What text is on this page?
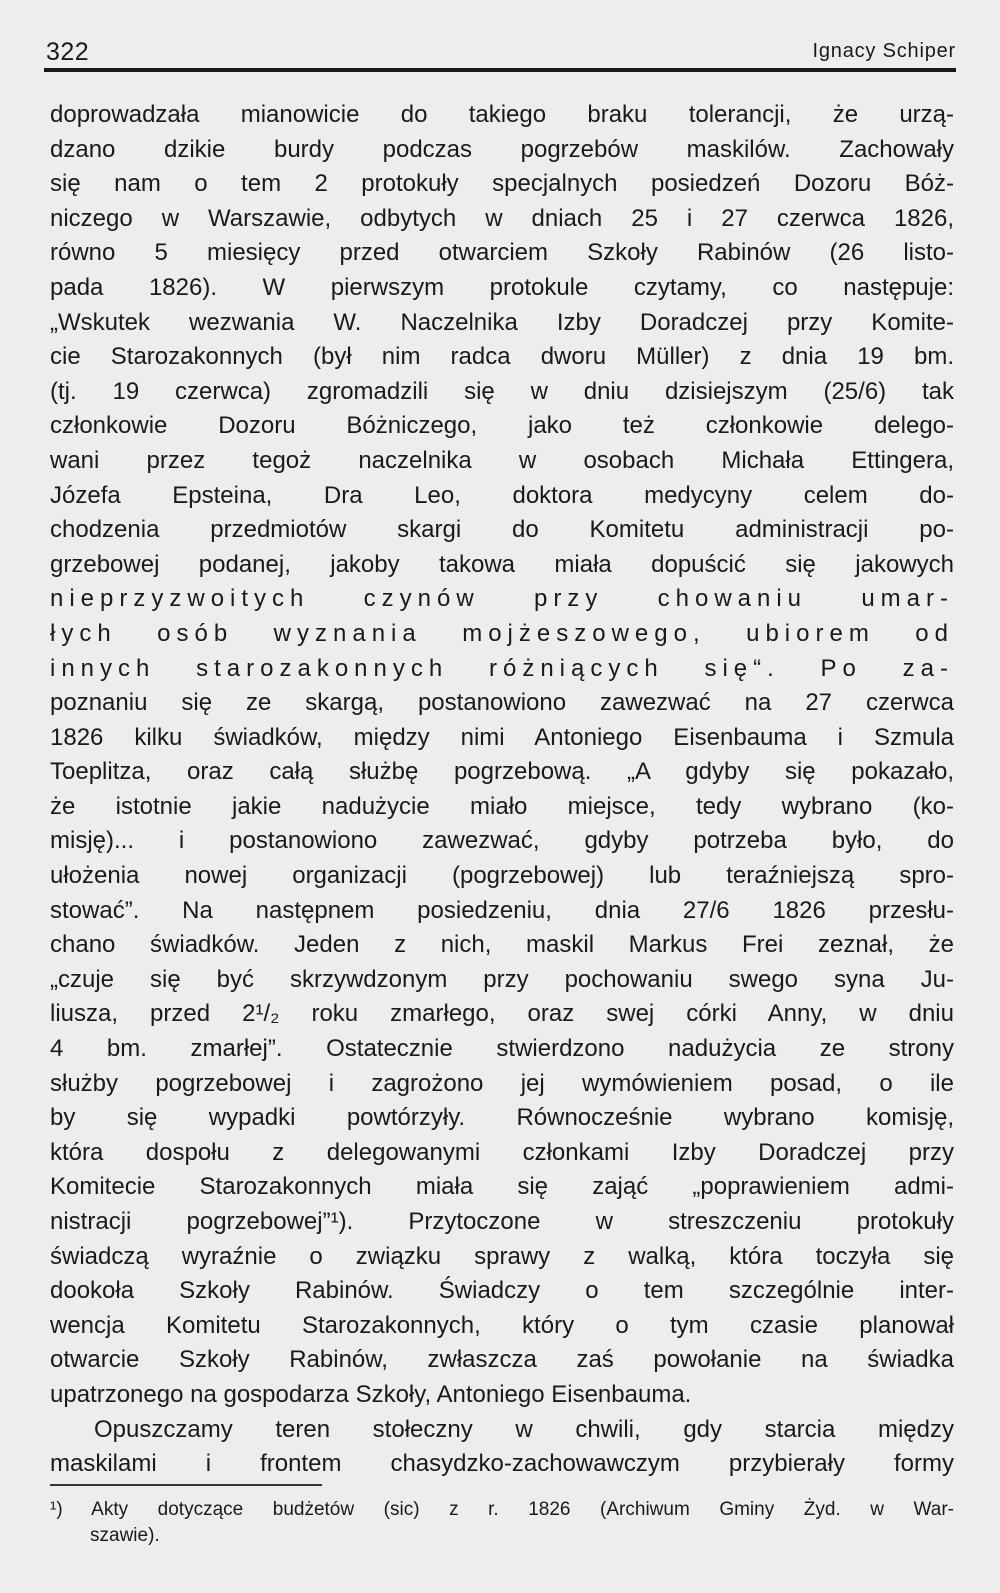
322	Ignacy Schiper
doprowadzała mianowicie do takiego braku tolerancji, że urzą-
dzano dzikie burdy podczas pogrzebów maskilów. Zachowały
się nam o tem 2 protokuły specjalnych posiedzeń Dozoru Bóż-
niczego w Warszawie, odbytych w dniach 25 i 27 czerwca 1826,
równo 5 miesięcy przed otwarciem Szkoły Rabinów (26 listo-
pada 1826). W pierwszym protokule czytamy, co następuje:
„Wskutek wezwania W. Naczelnika Izby Doradczej przy Komite-
cie Starozakonnych (był nim radca dworu Müller) z dnia 19 bm.
(tj. 19 czerwca) zgromadzili się w dniu dzisiejszym (25/6) tak
członkowie Dozoru Bóżniczego, jako też członkowie delego-
wani przez tegoż naczelnika w osobach Michała Ettingera,
Józefa Epsteina, Dra Leo, doktora medycyny celem do-
chodzenia przedmiotów skargi do Komitetu administracji po-
grzebowej podanej, jakoby takowa miała dopuścić się jakowych
nieprzyzwoitych czynów przy chowaniu umar-
łych osób wyznania mojżeszowego, ubiorem od
innych starozakonnych różniących się“. Po za-
poznaniu się ze skargą, postanowiono zawezwać na 27 czerwca
1826 kilku świadków, między nimi Antoniego Eisenbauma i Szmula
Toeplitza, oraz całą służbę pogrzebową. „A gdyby się pokazało,
że istotnie jakie nadużycie miało miejsce, tedy wybrano (ko-
misję)... i postanowiono zawezwać, gdyby potrzeba było, do
ułożenia nowej organizacji (pogrzebowej) lub teraźniejszą spro-
stować”. Na następnem posiedzeniu, dnia 27/6 1826 przesłu-
chano świadków. Jeden z nich, maskil Markus Frei zeznał, że
„czuje się być skrzywdzonym przy pochowaniu swego syna Ju-
liusza, przed 2¹/₂ roku zmarłego, oraz swej córki Anny, w dniu
4 bm. zmarłej”. Ostatecznie stwierdzono nadużycia ze strony
służby pogrzebowej i zagrożono jej wymówieniem posad, o ile
by się wypadki powtórzyły. Równocześnie wybrano komisję,
która dospołu z delegowanymi członkami Izby Doradczej przy
Komitecie Starozakonnych miała się zająć „poprawieniem admi-
nistracji pogrzebowej”¹). Przytoczone w streszczeniu protokuły
świadczą wyraźnie o związku sprawy z walką, która toczyła się
dookoła Szkoły Rabinów. Świadczy o tem szczególnie inter-
wencja Komitetu Starozakonnych, który o tym czasie planował
otwarcie Szkoły Rabinów, zwłaszcza zaś powołanie na świadka
upatrzonego na gospodarza Szkoły, Antoniego Eisenbauma.
Opuszczamy teren stołeczny w chwili, gdy starcia między
maskilami i frontem chasydzko-zachowawczym przybierały formy
¹) Akty dotyczące budżetów (sic) z r. 1826 (Archiwum Gminy Żyd. w War-
szawie).
